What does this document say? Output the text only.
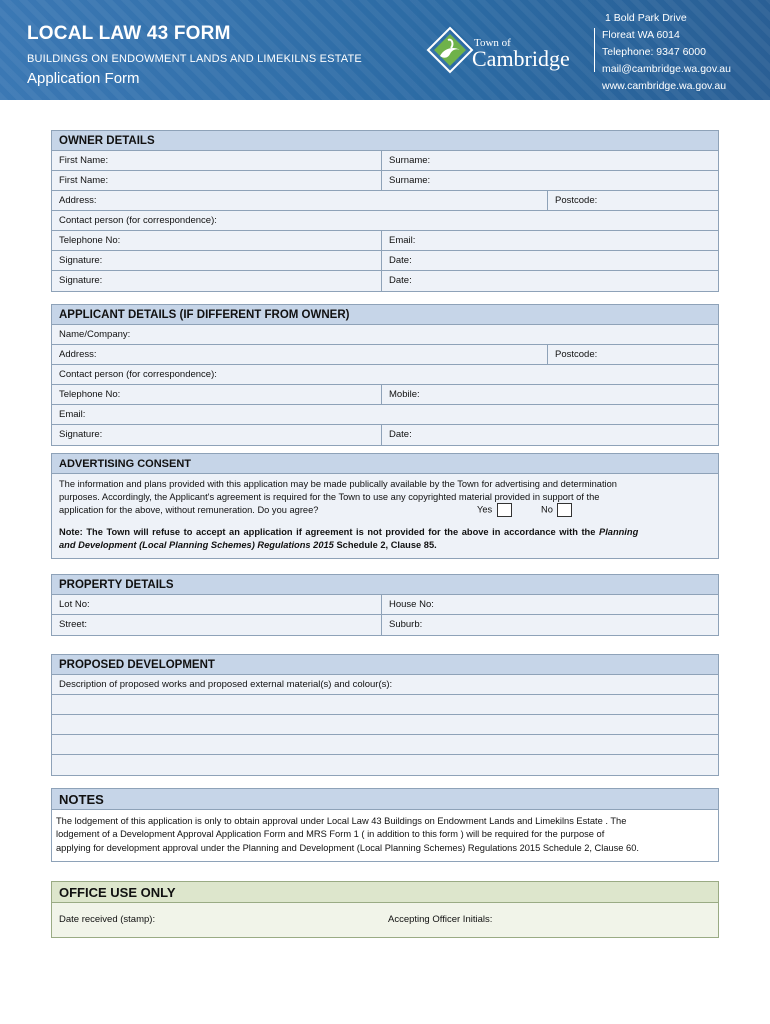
LOCAL LAW 43 FORM
BUILDINGS ON ENDOWMENT LANDS AND LIMEKILNS ESTATE
Application Form
Town of
Cambridge
1 Bold Park Drive
Floreat WA 6014
Telephone: 9347 6000
mail@cambridge.wa.gov.au
www.cambridge.wa.gov.au
OWNER DETAILS
First Name:	Surname:
First Name:	Surname:
Address:	Postcode:
Contact person (for correspondence):
Telephone No:	Email:
Signature:	Date:
Signature:	Date:
APPLICANT DETAILS (IF DIFFERENT FROM OWNER)
Name/Company:
Address:	Postcode:
Contact person (for correspondence):
Telephone No:	Mobile:
Email:
Signature:	Date:
ADVERTISING CONSENT
The information and plans provided with this application may be made publically available by the Town for advertising and determination
purposes. Accordingly, the Applicant's agreement is required for the Town to use any copyrighted material provided in support of the
application for the above, without remuneration. Do you agree?	Yes	No
Note: The Town will refuse to accept an application if agreement is not provided for the above in accordance with the Planning
and Development (Local Planning Schemes) Regulations 2015 Schedule 2, Clause 85.
PROPERTY DETAILS
Lot No:	House No:
Street:	Suburb:
PROPOSED DEVELOPMENT
Description of proposed works and proposed external material(s) and colour(s):
NOTES
The lodgement of this application is only to obtain approval under Local Law 43 Buildings on Endowment Lands and Limekilns Estate . The
lodgement of a Development Approval Application Form and MRS Form 1 ( in addition to this form ) will be required for the purpose of
applying for development approval under the Planning and Development (Local Planning Schemes) Regulations 2015 Schedule 2, Clause 60.
OFFICE USE ONLY
Date received (stamp):	Accepting Officer Initials:
